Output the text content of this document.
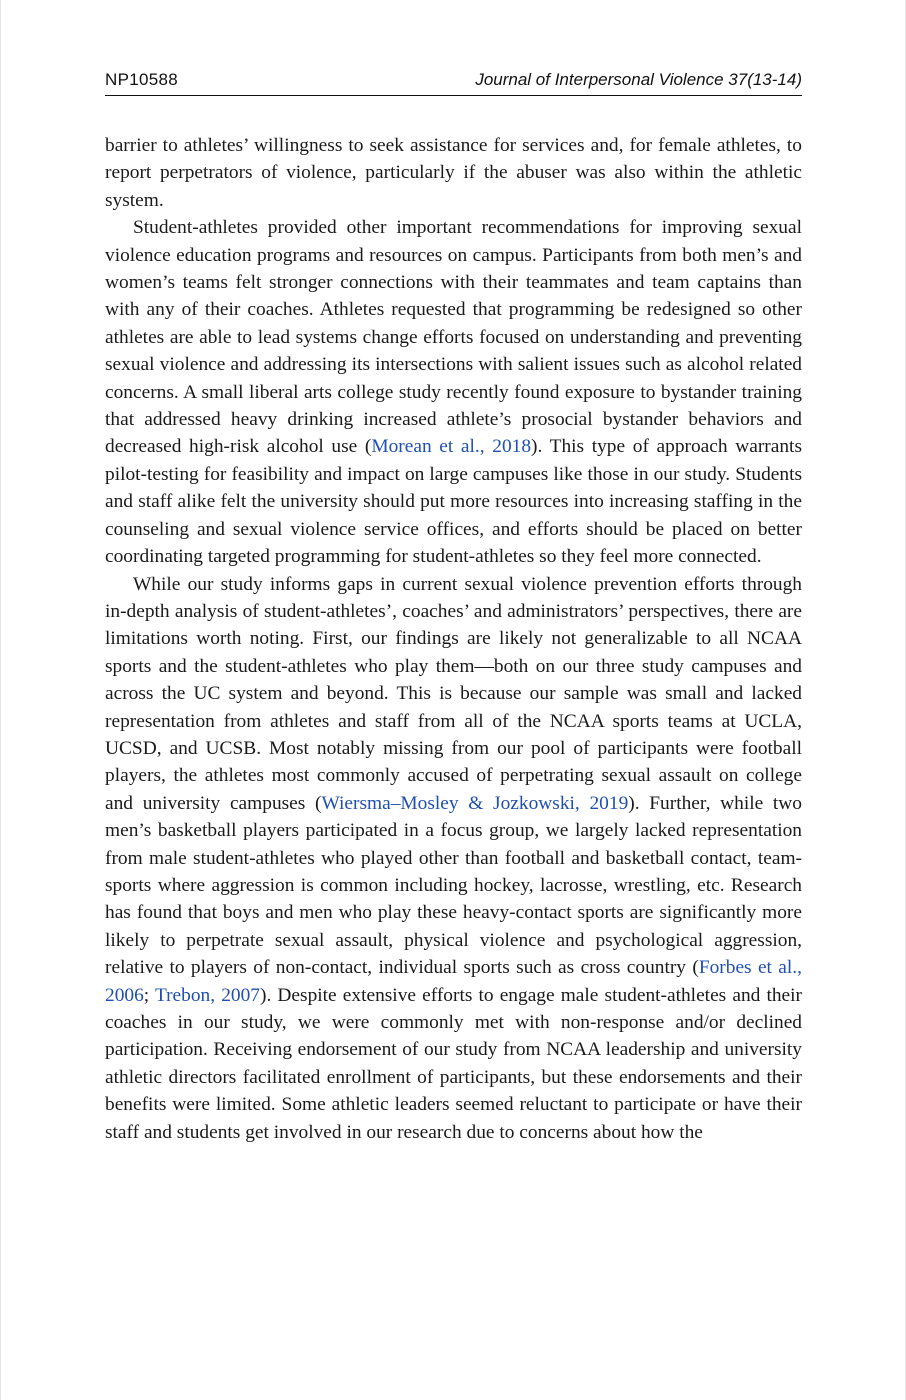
NP10588	Journal of Interpersonal Violence 37(13-14)

barrier to athletes’ willingness to seek assistance for services and, for female athletes, to report perpetrators of violence, particularly if the abuser was also within the athletic system.

Student-athletes provided other important recommendations for improving sexual violence education programs and resources on campus. Participants from both men’s and women’s teams felt stronger connections with their teammates and team captains than with any of their coaches. Athletes requested that programming be redesigned so other athletes are able to lead systems change efforts focused on understanding and preventing sexual violence and addressing its intersections with salient issues such as alcohol related concerns. A small liberal arts college study recently found exposure to bystander training that addressed heavy drinking increased athlete’s prosocial bystander behaviors and decreased high-risk alcohol use (Morean et al., 2018). This type of approach warrants pilot-testing for feasibility and impact on large campuses like those in our study. Students and staff alike felt the university should put more resources into increasing staffing in the counseling and sexual violence service offices, and efforts should be placed on better coordinating targeted programming for student-athletes so they feel more connected.

While our study informs gaps in current sexual violence prevention efforts through in-depth analysis of student-athletes’, coaches’ and administrators’ perspectives, there are limitations worth noting. First, our findings are likely not generalizable to all NCAA sports and the student-athletes who play them—both on our three study campuses and across the UC system and beyond. This is because our sample was small and lacked representation from athletes and staff from all of the NCAA sports teams at UCLA, UCSD, and UCSB. Most notably missing from our pool of participants were football players, the athletes most commonly accused of perpetrating sexual assault on college and university campuses (Wiersma–Mosley & Jozkowski, 2019). Further, while two men’s basketball players participated in a focus group, we largely lacked representation from male student-athletes who played other than football and basketball contact, team-sports where aggression is common including hockey, lacrosse, wrestling, etc. Research has found that boys and men who play these heavy-contact sports are significantly more likely to perpetrate sexual assault, physical violence and psychological aggression, relative to players of non-contact, individual sports such as cross country (Forbes et al., 2006; Trebon, 2007). Despite extensive efforts to engage male student-athletes and their coaches in our study, we were commonly met with non-response and/or declined participation. Receiving endorsement of our study from NCAA leadership and university athletic directors facilitated enrollment of participants, but these endorsements and their benefits were limited. Some athletic leaders seemed reluctant to participate or have their staff and students get involved in our research due to concerns about how the
